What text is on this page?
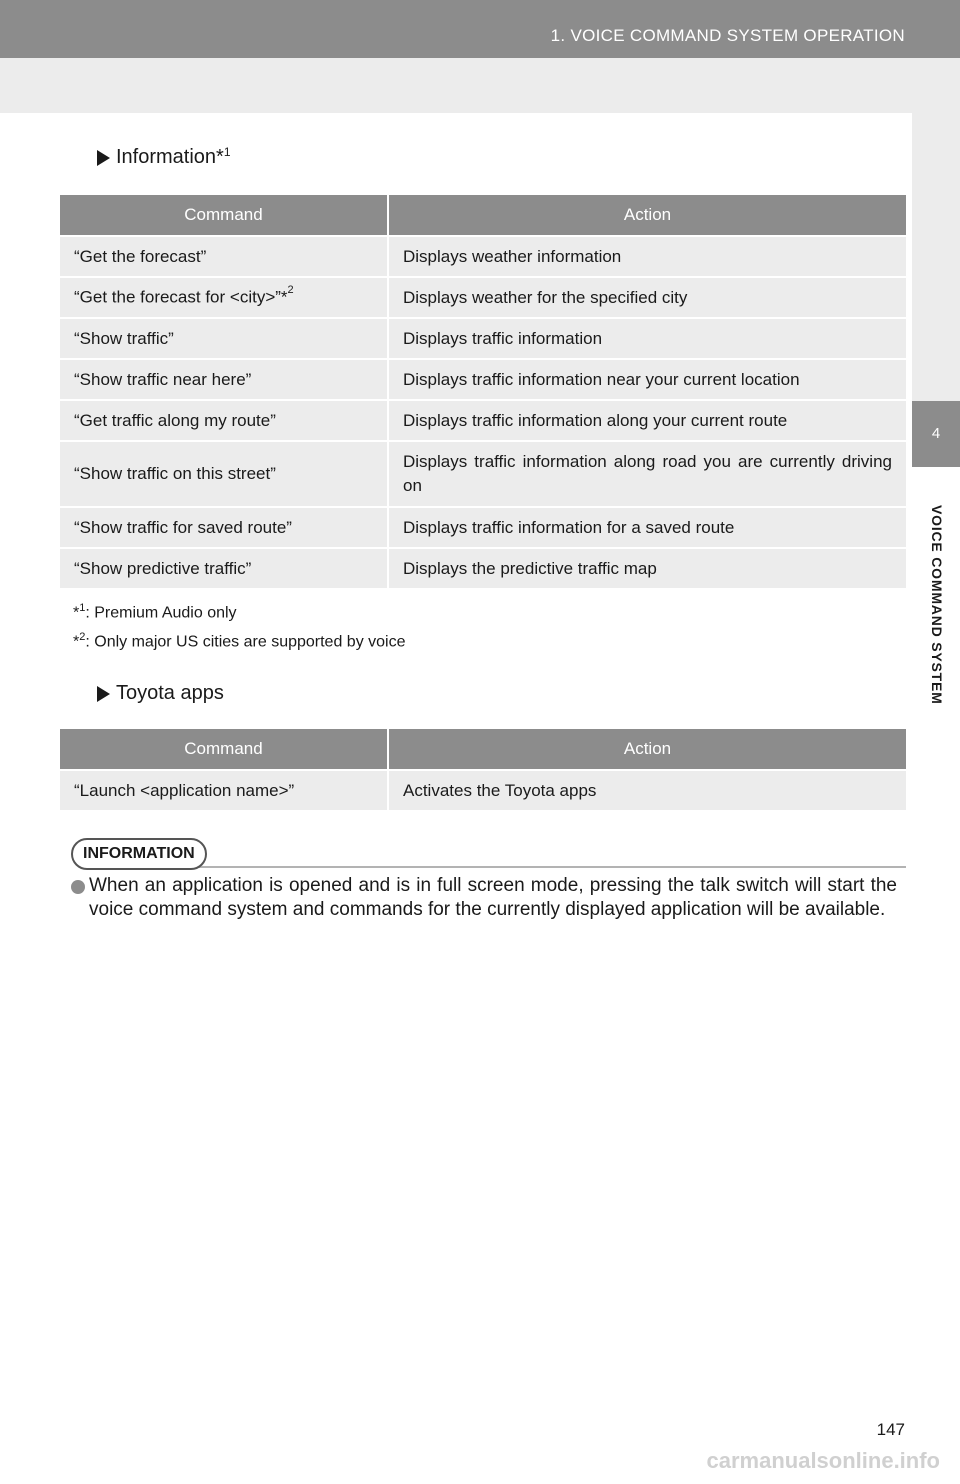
1. VOICE COMMAND SYSTEM OPERATION
4
VOICE COMMAND SYSTEM
Information*$^1$
Command	Action
“Get the forecast”	Displays weather information
“Get the forecast for <city>”*$^2$	Displays weather for the specified city
“Show traffic”	Displays traffic information
“Show traffic near here”	Displays traffic information near your current location
“Get traffic along my route”	Displays traffic information along your current route
“Show traffic on this street”	Displays traffic information along road you are currently driving on
“Show traffic for saved route”	Displays traffic information for a saved route
“Show predictive traffic”	Displays the predictive traffic map
*$^1$: Premium Audio only
*$^2$: Only major US cities are supported by voice
Toyota apps
Command	Action
“Launch <application name>”	Activates the Toyota apps
INFORMATION
When an application is opened and is in full screen mode, pressing the talk switch will start the voice command system and commands for the currently displayed application will be available.
147
carmanualsonline.info
